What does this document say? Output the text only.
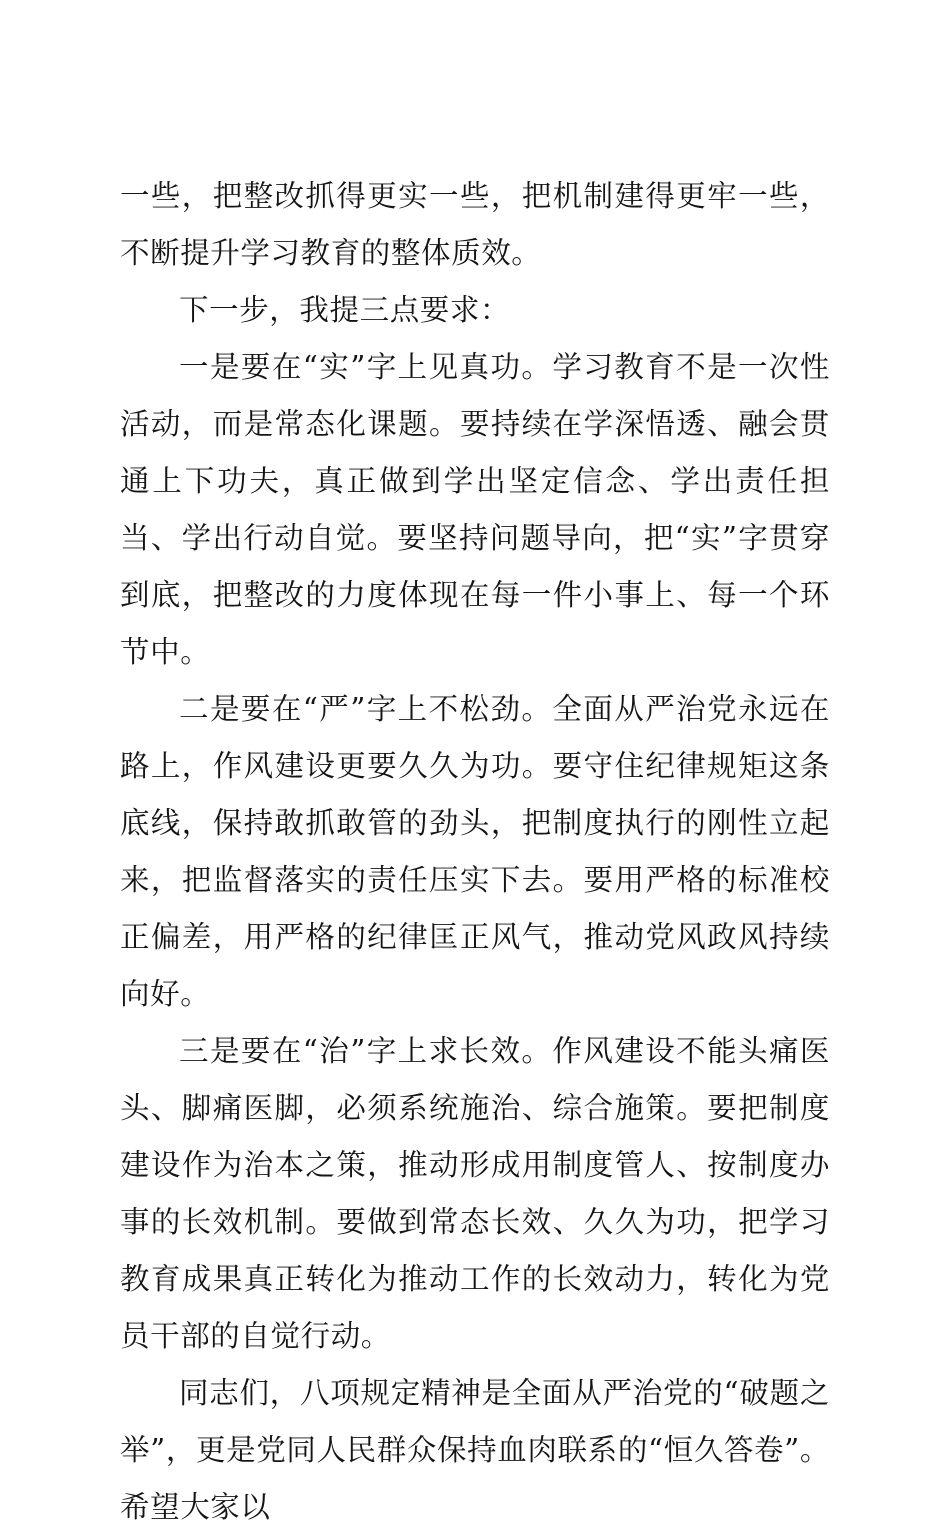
一些，把整改抓得更实一些，把机制建得更牢一些，不断提升学习教育的整体质效。

下一步，我提三点要求：

一是要在“实”字上见真功。学习教育不是一次性活动，而是常态化课题。要持续在学深悟透、融会贯通上下功夫，真正做到学出坚定信念、学出责任担当、学出行动自觉。要坚持问题导向，把“实”字贯穿到底，把整改的力度体现在每一件小事上、每一个环节中。

二是要在“严”字上不松劲。全面从严治党永远在路上，作风建设更要久久为功。要守住纪律规矩这条底线，保持敢抓敢管的劲头，把制度执行的刚性立起来，把监督落实的责任压实下去。要用严格的标准校正偏差，用严格的纪律匡正风气，推动党风政风持续向好。

三是要在“治”字上求长效。作风建设不能头痛医头、脚痛医脚，必须系统施治、综合施策。要把制度建设作为治本之策，推动形成用制度管人、按制度办事的长效机制。要做到常态长效、久久为功，把学习教育成果真正转化为推动工作的长效动力，转化为党员干部的自觉行动。

同志们，八项规定精神是全面从严治党的“破题之举”，更是党同人民群众保持血肉联系的“恒久答卷”。希望大家以
